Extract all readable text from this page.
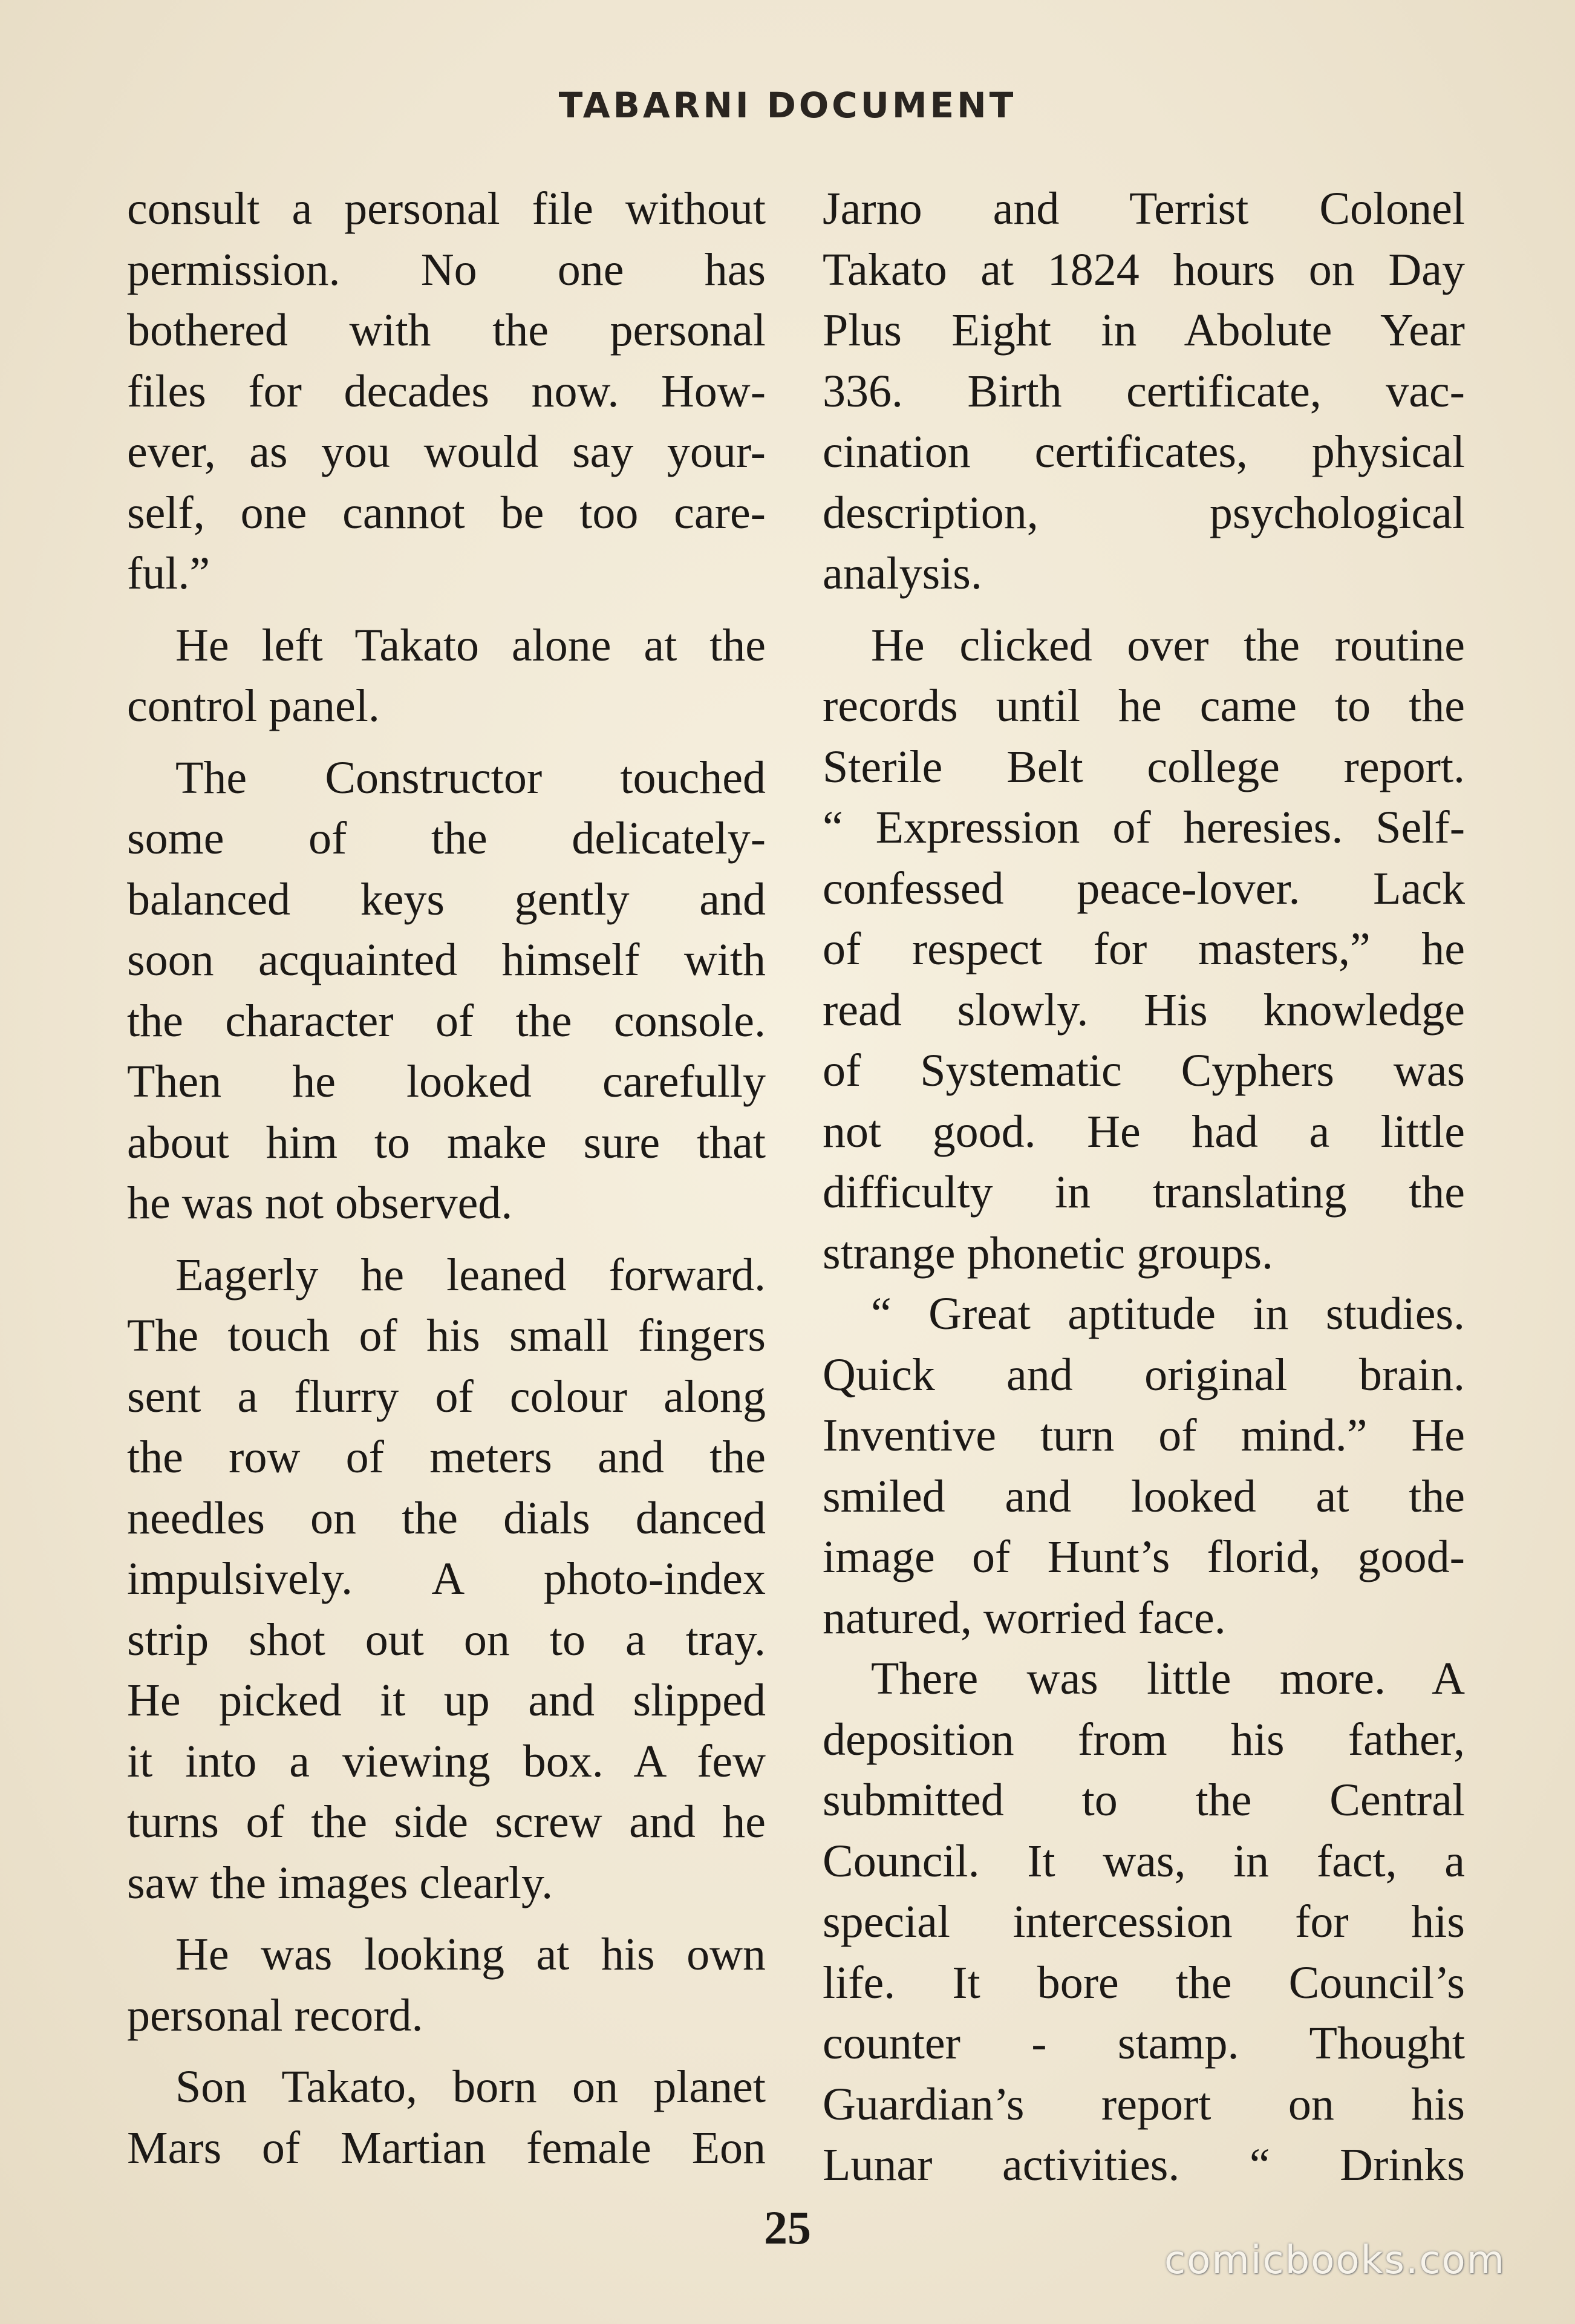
TABARNI DOCUMENT

consult a personal file without
permission. No one has
bothered with the personal
files for decades now. How-
ever, as you would say your-
self, one cannot be too care-
ful.”

He left Takato alone at the
control panel.

The Constructor touched
some of the delicately-
balanced keys gently and
soon acquainted himself with
the character of the console.
Then he looked carefully
about him to make sure that
he was not observed.

Eagerly he leaned forward.
The touch of his small fingers
sent a flurry of colour along
the row of meters and the
needles on the dials danced
impulsively. A photo-index
strip shot out on to a tray.
He picked it up and slipped
it into a viewing box. A few
turns of the side screw and he
saw the images clearly.

He was looking at his own
personal record.

Son Takato, born on planet
Mars of Martian female Eon

Jarno and Terrist Colonel
Takato at 1824 hours on Day
Plus Eight in Abolute Year
336. Birth certificate, vac-
cination certificates, physical
description, psychological
analysis.

He clicked over the routine
records until he came to the
Sterile Belt college report.
“ Expression of heresies. Self-
confessed peace-lover. Lack
of respect for masters,” he
read slowly. His knowledge
of Systematic Cyphers was
not good. He had a little
difficulty in translating the
strange phonetic groups.

“ Great aptitude in studies.
Quick and original brain.
Inventive turn of mind.” He
smiled and looked at the
image of Hunt’s florid, good-
natured, worried face.

There was little more. A
deposition from his father,
submitted to the Central
Council. It was, in fact, a
special intercession for his
life. It bore the Council’s
counter - stamp. Thought
Guardian’s report on his
Lunar activities. “ Drinks

25
comicbooks.com
